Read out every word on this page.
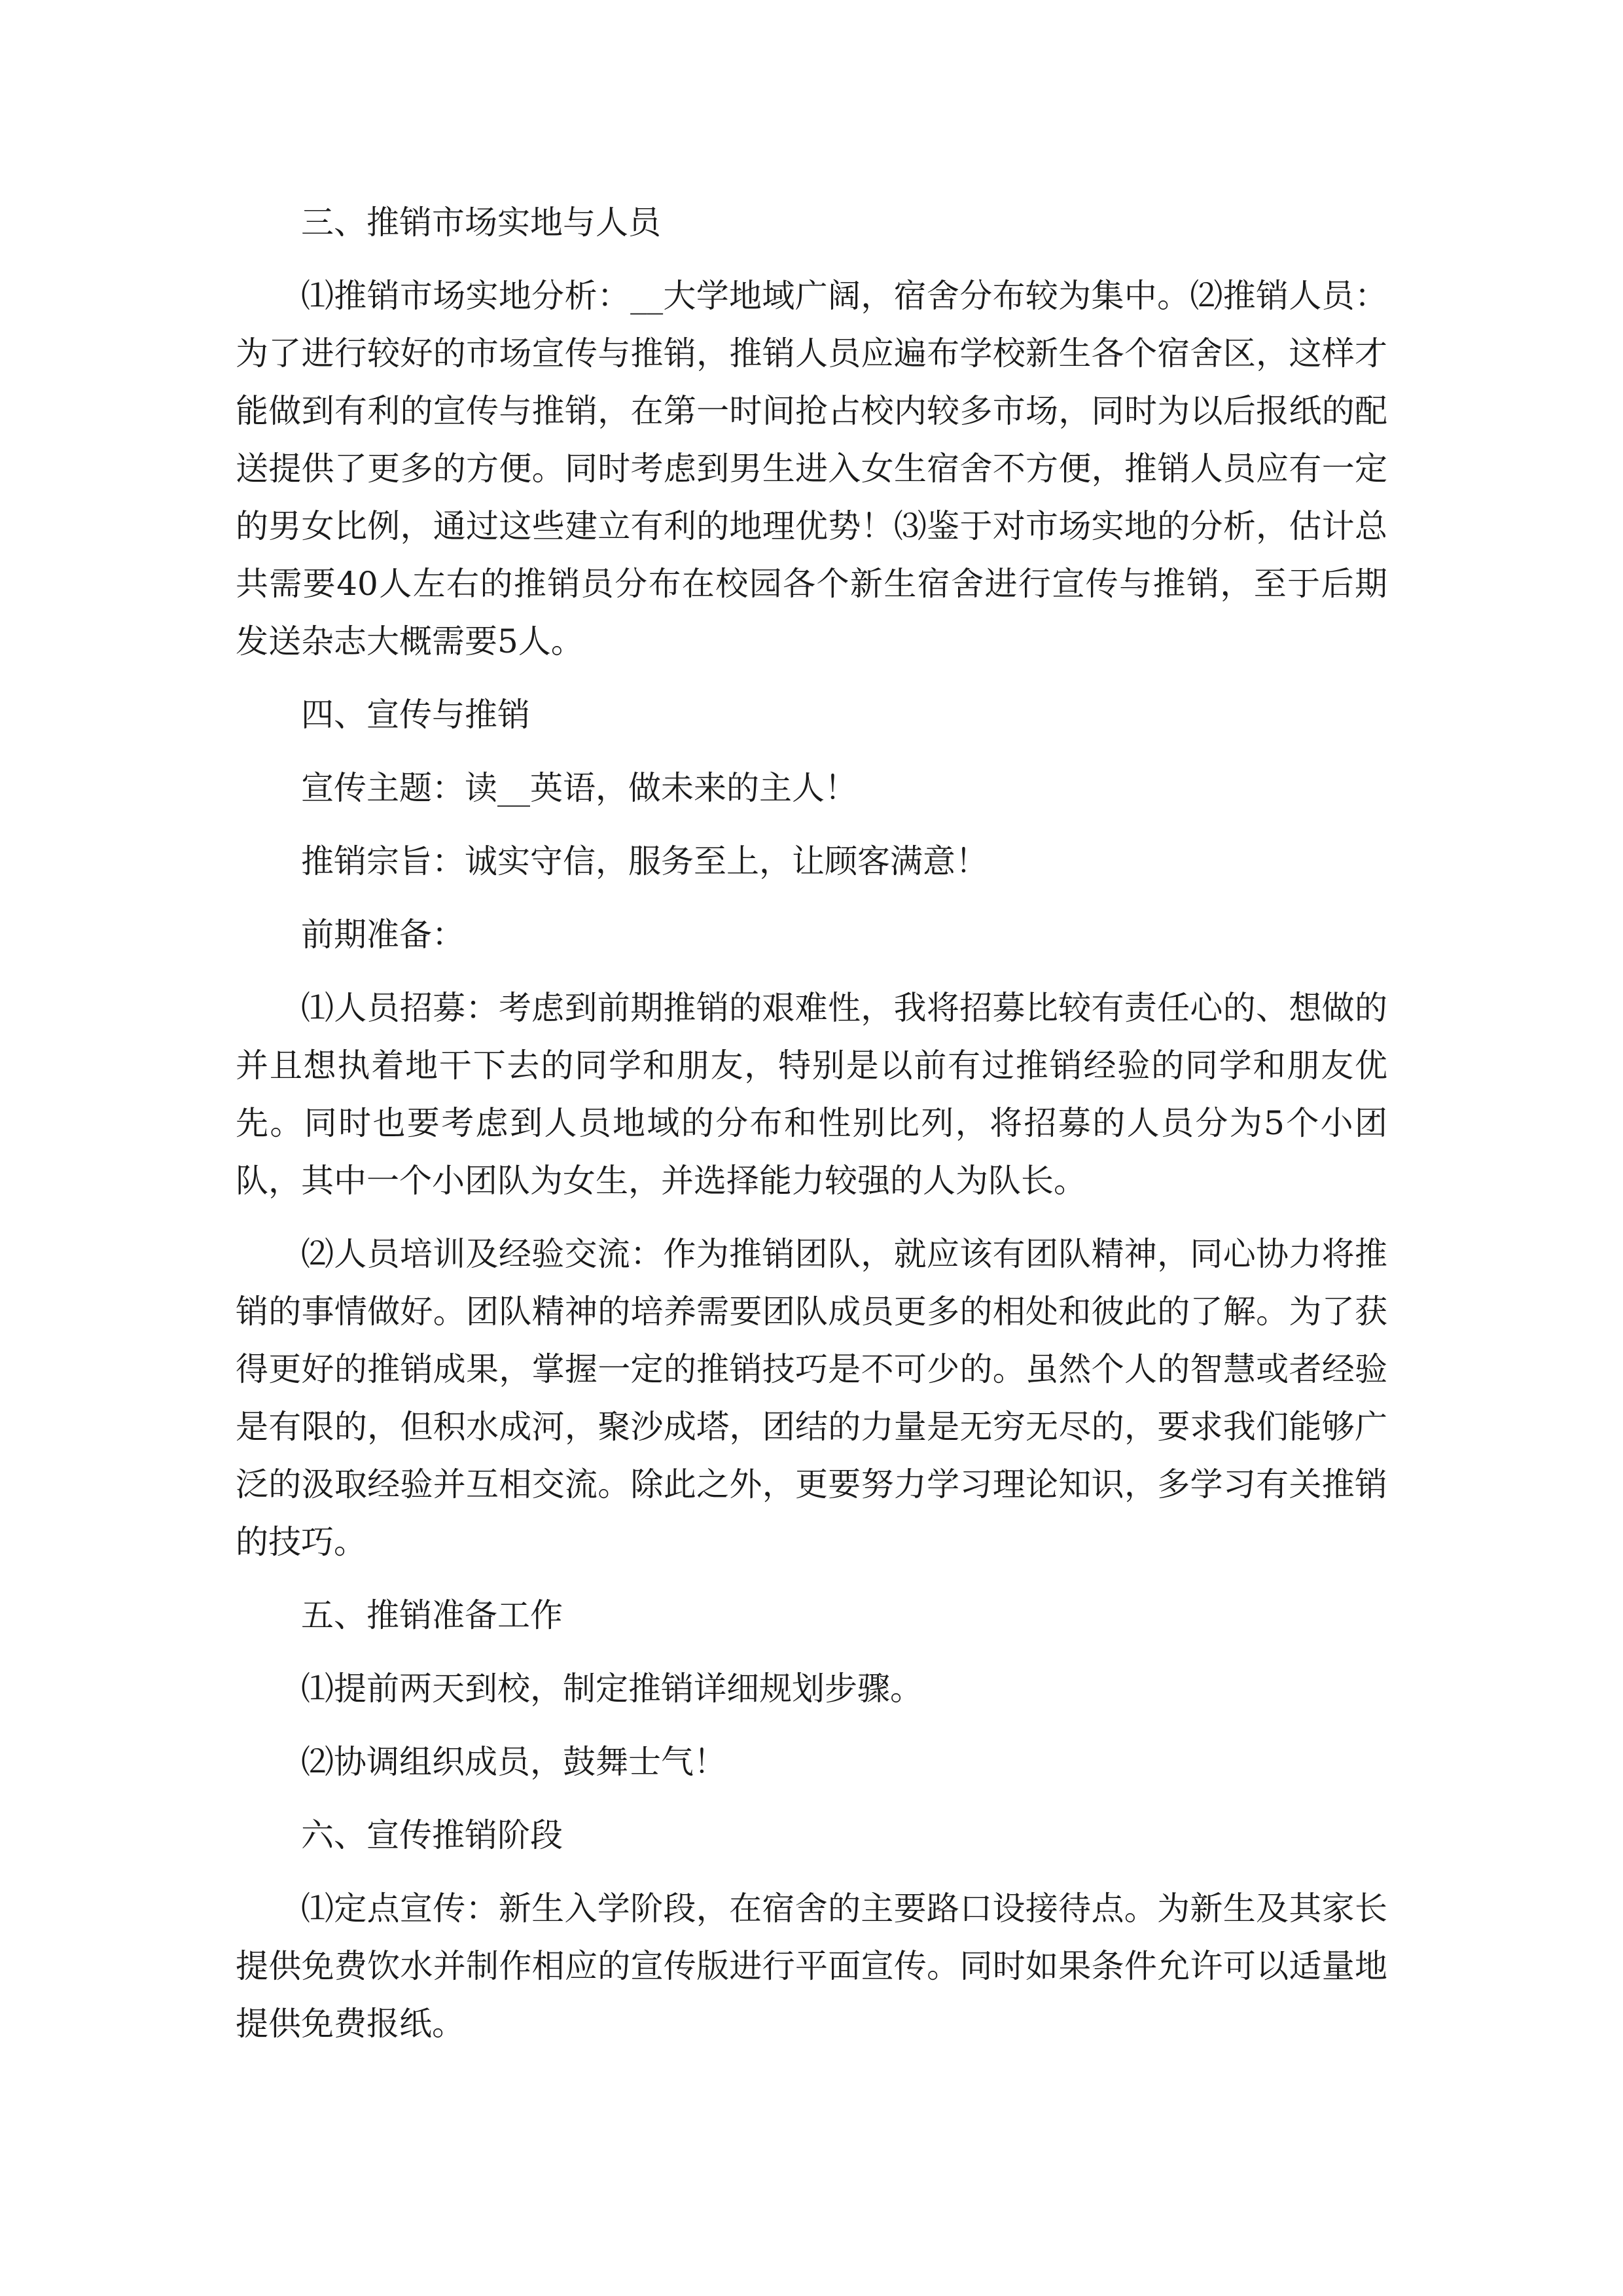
三、推销市场实地与人员

⑴推销市场实地分析：__大学地域广阔，宿舍分布较为集中。⑵推销人员：为了进行较好的市场宣传与推销，推销人员应遍布学校新生各个宿舍区，这样才能做到有利的宣传与推销，在第一时间抢占校内较多市场，同时为以后报纸的配送提供了更多的方便。同时考虑到男生进入女生宿舍不方便，推销人员应有一定的男女比例，通过这些建立有利的地理优势！⑶鉴于对市场实地的分析，估计总共需要40人左右的推销员分布在校园各个新生宿舍进行宣传与推销，至于后期发送杂志大概需要5人。

四、宣传与推销

宣传主题：读__英语，做未来的主人！

推销宗旨：诚实守信，服务至上，让顾客满意！

前期准备：

⑴人员招募：考虑到前期推销的艰难性，我将招募比较有责任心的、想做的并且想执着地干下去的同学和朋友，特别是以前有过推销经验的同学和朋友优先。同时也要考虑到人员地域的分布和性别比列，将招募的人员分为5个小团队，其中一个小团队为女生，并选择能力较强的人为队长。

⑵人员培训及经验交流：作为推销团队，就应该有团队精神，同心协力将推销的事情做好。团队精神的培养需要团队成员更多的相处和彼此的了解。为了获得更好的推销成果，掌握一定的推销技巧是不可少的。虽然个人的智慧或者经验是有限的，但积水成河，聚沙成塔，团结的力量是无穷无尽的，要求我们能够广泛的汲取经验并互相交流。除此之外，更要努力学习理论知识，多学习有关推销的技巧。

五、推销准备工作

⑴提前两天到校，制定推销详细规划步骤。

⑵协调组织成员，鼓舞士气！

六、宣传推销阶段

⑴定点宣传：新生入学阶段，在宿舍的主要路口设接待点。为新生及其家长提供免费饮水并制作相应的宣传版进行平面宣传。同时如果条件允许可以适量地提供免费报纸。
